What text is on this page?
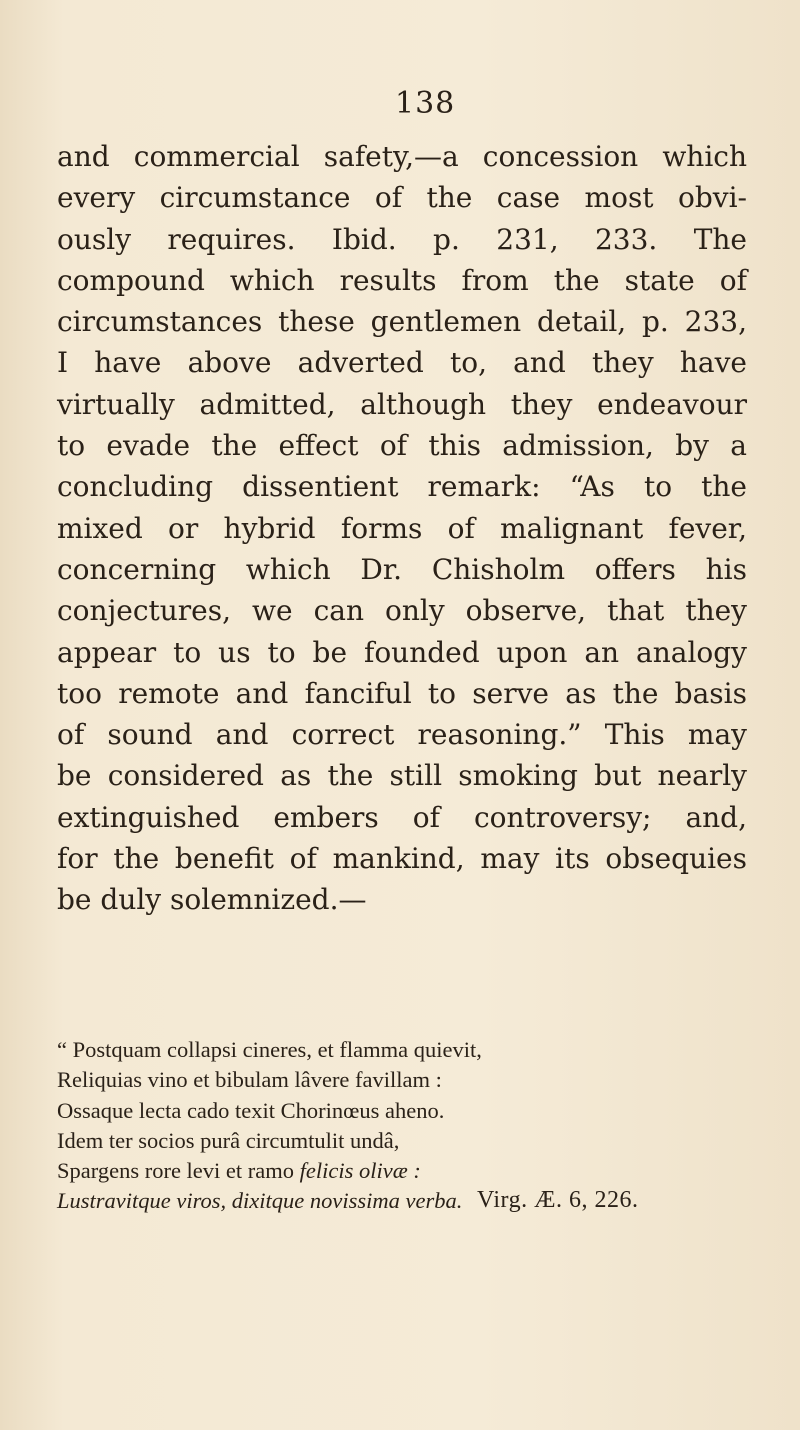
138
and commercial safety,—a concession which
every circumstance of the case most obvi-
ously requires. Ibid. p. 231, 233. The
compound which results from the state of
circumstances these gentlemen detail, p. 233,
I have above adverted to, and they have
virtually admitted, although they endeavour
to evade the effect of this admission, by a
concluding dissentient remark: “As to the
mixed or hybrid forms of malignant fever,
concerning which Dr. Chisholm offers his
conjectures, we can only observe, that they
appear to us to be founded upon an analogy
too remote and fanciful to serve as the basis
of sound and correct reasoning.” This may
be considered as the still smoking but nearly
extinguished embers of controversy; and,
for the benefit of mankind, may its obsequies
be duly solemnized.—
“ Postquam collapsi cineres, et flamma quievit,
Reliquias vino et bibulam lâvere favillam :
Ossaque lecta cado texit Chorinœus aheno.
Idem ter socios purâ circumtulit undâ,
Spargens rore levi et ramo felicis olivæ :
Lustravitque viros, dixitque novissima verba. Virg. Æ. 6, 226.
